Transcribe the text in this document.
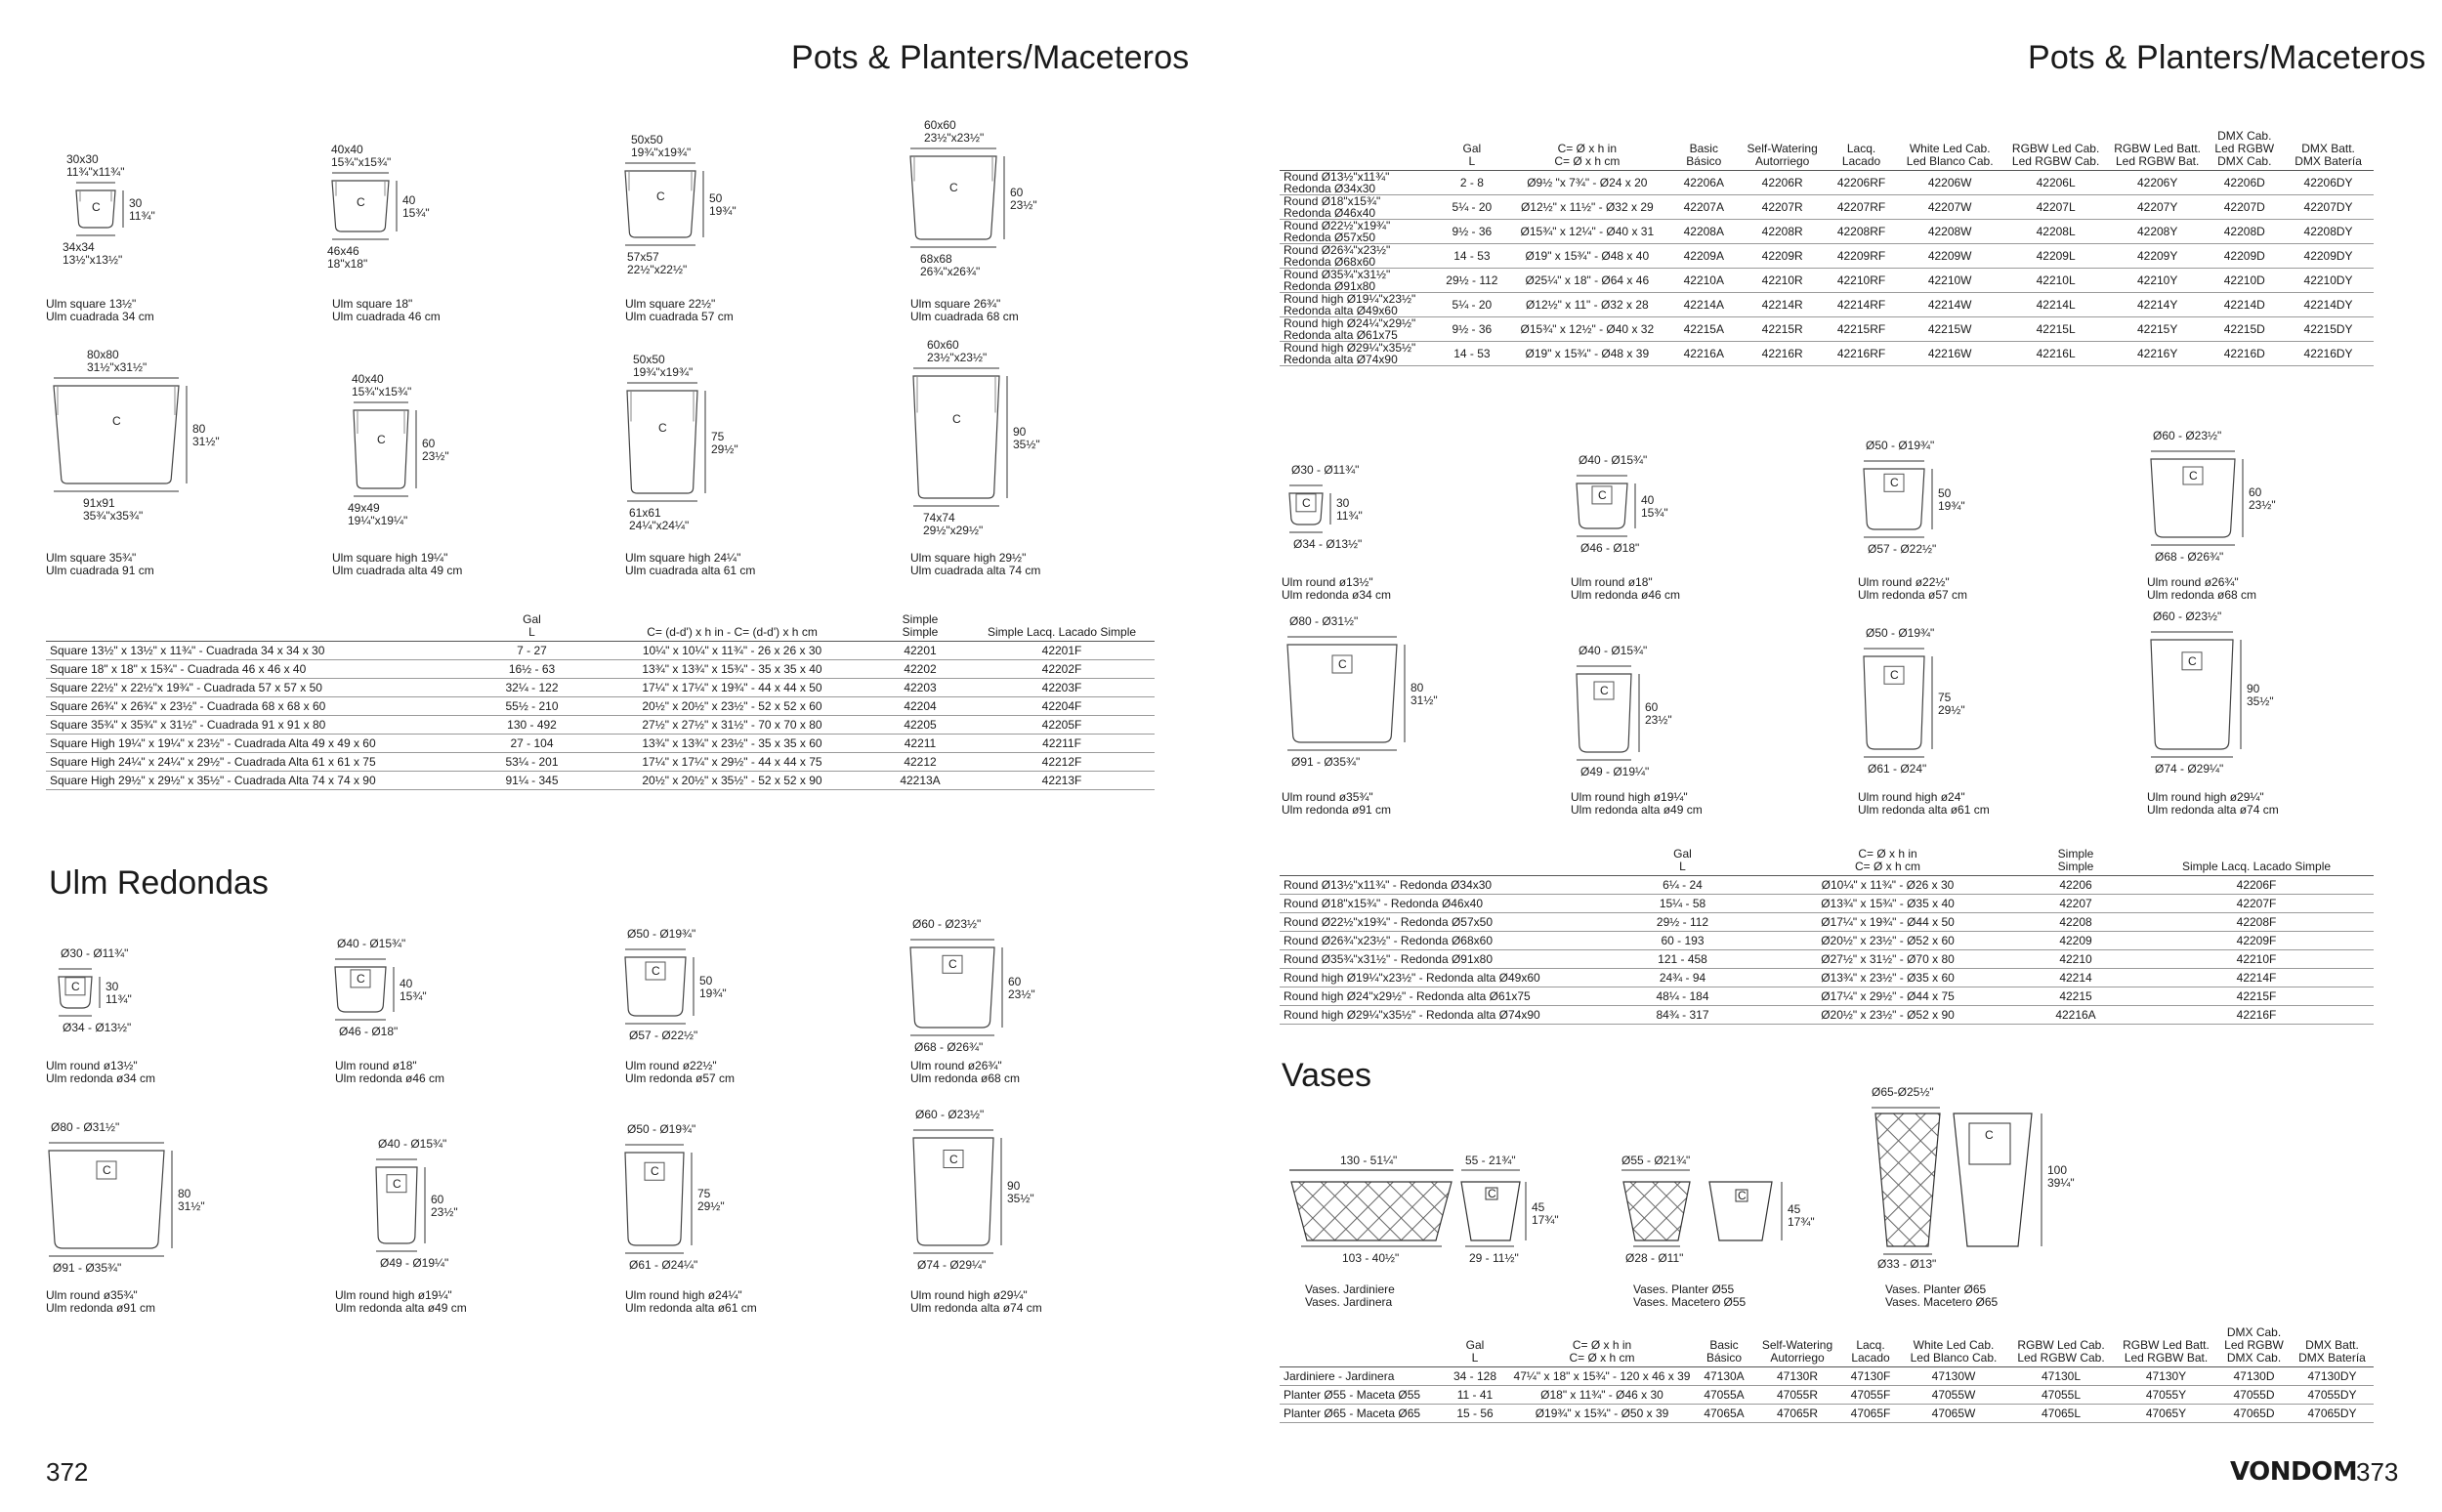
Pots & Planters/Maceteros
C
30x30
11¾"x11¾"
30
11¾"
34x34
13½"x13½"
Ulm square 13½"
Ulm cuadrada 34 cm
C
40x40
15¾"x15¾"
40
15¾"
46x46
18"x18"
Ulm square 18"
Ulm cuadrada 46 cm
C
50x50
19¾"x19¾"
50
19¾"
57x57
22½"x22½"
Ulm square 22½"
Ulm cuadrada 57 cm
C
60x60
23½"x23½"
60
23½"
68x68
26¾"x26¾"
Ulm square 26¾"
Ulm cuadrada 68 cm
C
80x80
31½"x31½"
80
31½"
91x91
35¾"x35¾"
Ulm square 35¾"
Ulm cuadrada 91 cm
C
40x40
15¾"x15¾"
60
23½"
49x49
19¼"x19¼"
Ulm square high 19¼"
Ulm cuadrada alta 49 cm
C
50x50
19¾"x19¾"
75
29½"
61x61
24¼"x24¼"
Ulm square high 24¼"
Ulm cuadrada alta 61 cm
C
60x60
23½"x23½"
90
35½"
74x74
29½"x29½"
Ulm square high 29½"
Ulm cuadrada alta 74 cm

	Gal
L	C= (d-d') x h in - C= (d-d') x h cm	Simple
Simple	Simple Lacq. Lacado Simple

Square 13½" x 13½" x 11¾" - Cuadrada 34 x 34 x 30	7 - 27	10¼" x 10¼" x 11¾" - 26 x 26 x 30	42201	42201F

Square 18" x 18" x 15¾" - Cuadrada 46 x 46 x 40	16½ - 63	13¾" x 13¾" x 15¾" - 35 x 35 x 40	42202	42202F

Square 22½" x 22½"x 19¾" - Cuadrada 57 x 57 x 50	32¼ - 122	17¼" x 17¼" x 19¾" - 44 x 44 x 50	42203	42203F

Square 26¾" x 26¾" x 23½" - Cuadrada 68 x 68 x 60	55½ - 210	20½" x 20½" x 23½" - 52 x 52 x 60	42204	42204F

Square 35¾" x 35¾" x 31½" - Cuadrada 91 x 91 x 80	130 - 492	27½" x 27½" x 31½" - 70 x 70 x 80	42205	42205F

Square High 19¼" x 19¼" x 23½" - Cuadrada Alta 49 x 49 x 60	27 - 104	13¾" x 13¾" x 23½" - 35 x 35 x 60	42211	42211F

Square High 24¼" x 24¼" x 29½" - Cuadrada Alta 61 x 61 x 75	53¼ - 201	17¼" x 17¼" x 29½" - 44 x 44 x 75	42212	42212F

Square High 29½" x 29½" x 35½" - Cuadrada Alta 74 x 74 x 90	91¼ - 345	20½" x 20½" x 35½" - 52 x 52 x 90	42213A	42213F
Ulm Redondas
C
Ø30 - Ø11¾"
30
11¾"
Ø34 - Ø13½"
Ulm round ø13½"
Ulm redonda ø34 cm
C
Ø40 - Ø15¾"
40
15¾"
Ø46 - Ø18"
Ulm round ø18"
Ulm redonda ø46 cm
C
Ø50 - Ø19¾"
50
19¾"
Ø57 - Ø22½"
Ulm round ø22½"
Ulm redonda ø57 cm
C
Ø60 - Ø23½"
60
23½"
Ø68 - Ø26¾"
Ulm round ø26¾"
Ulm redonda ø68 cm
C
Ø80 - Ø31½"
80
31½"
Ø91 - Ø35¾"
Ulm round ø35¾"
Ulm redonda ø91 cm
C
Ø40 - Ø15¾"
60
23½"
Ø49 - Ø19¼"
Ulm round high ø19¼"
Ulm redonda alta ø49 cm
C
Ø50 - Ø19¾"
75
29½"
Ø61 - Ø24¼"
Ulm round high ø24¼"
Ulm redonda alta ø61 cm
C
Ø60 - Ø23½"
90
35½"
Ø74 - Ø29¼"
Ulm round high ø29¼"
Ulm redonda alta ø74 cm
372
Pots & Planters/Maceteros

	Gal
L	C= Ø x h in
C= Ø x h cm	Basic
Básico	Self-Watering
Autorriego	Lacq.
Lacado	White Led Cab.
Led Blanco Cab.	RGBW Led Cab.
Led RGBW Cab.	RGBW Led Batt.
Led RGBW Bat.	DMX Cab.
Led RGBW
DMX Cab.	DMX Batt.
DMX Batería

Round Ø13½"x11¾"
Redonda Ø34x30	2 - 8	Ø9½ "x 7¾" - Ø24 x 20	42206A	42206R	42206RF	42206W	42206L	42206Y	42206D	42206DY

Round Ø18"x15¾"
Redonda Ø46x40	5¼ - 20	Ø12½" x 11½" - Ø32 x 29	42207A	42207R	42207RF	42207W	42207L	42207Y	42207D	42207DY

Round Ø22½"x19¾"
Redonda Ø57x50	9½ - 36	Ø15¾" x 12¼" - Ø40 x 31	42208A	42208R	42208RF	42208W	42208L	42208Y	42208D	42208DY

Round Ø26¾"x23½"
Redonda Ø68x60	14 - 53	Ø19" x 15¾" - Ø48 x 40	42209A	42209R	42209RF	42209W	42209L	42209Y	42209D	42209DY

Round Ø35¾"x31½"
Redonda Ø91x80	29½ - 112	Ø25¼" x 18" - Ø64 x 46	42210A	42210R	42210RF	42210W	42210L	42210Y	42210D	42210DY

Round high Ø19¼"x23½"
Redonda alta Ø49x60	5¼ - 20	Ø12½" x 11" - Ø32 x 28	42214A	42214R	42214RF	42214W	42214L	42214Y	42214D	42214DY

Round high Ø24¼"x29½"
Redonda alta Ø61x75	9½ - 36	Ø15¾" x 12½" - Ø40 x 32	42215A	42215R	42215RF	42215W	42215L	42215Y	42215D	42215DY

Round high Ø29¼"x35½"
Redonda alta Ø74x90	14 - 53	Ø19" x 15¾" - Ø48 x 39	42216A	42216R	42216RF	42216W	42216L	42216Y	42216D	42216DY
C
Ø30 - Ø11¾"
30
11¾"
Ø34 - Ø13½"
Ulm round ø13½"
Ulm redonda ø34 cm
C
Ø40 - Ø15¾"
40
15¾"
Ø46 - Ø18"
Ulm round ø18"
Ulm redonda ø46 cm
C
Ø50 - Ø19¾"
50
19¾"
Ø57 - Ø22½"
Ulm round ø22½"
Ulm redonda ø57 cm
C
Ø60 - Ø23½"
60
23½"
Ø68 - Ø26¾"
Ulm round ø26¾"
Ulm redonda ø68 cm
C
Ø80 - Ø31½"
80
31½"
Ø91 - Ø35¾"
Ulm round ø35¾"
Ulm redonda ø91 cm
C
Ø40 - Ø15¾"
60
23½"
Ø49 - Ø19¼"
Ulm round high ø19¼"
Ulm redonda alta ø49 cm
C
Ø50 - Ø19¾"
75
29½"
Ø61 - Ø24"
Ulm round high ø24"
Ulm redonda alta ø61 cm
C
Ø60 - Ø23½"
90
35½"
Ø74 - Ø29¼"
Ulm round high ø29¼"
Ulm redonda alta ø74 cm

	Gal
L	C= Ø x h in
C= Ø x h cm	Simple
Simple	Simple Lacq. Lacado Simple

Round Ø13½"x11¾" - Redonda Ø34x30	6¼ - 24	Ø10¼" x 11¾" - Ø26 x 30	42206	42206F

Round Ø18"x15¾" - Redonda Ø46x40	15¼ - 58	Ø13¾" x 15¾" - Ø35 x 40	42207	42207F

Round Ø22½"x19¾" - Redonda Ø57x50	29½ - 112	Ø17¼" x 19¾" - Ø44 x 50	42208	42208F

Round Ø26¾"x23½" - Redonda Ø68x60	60 - 193	Ø20½" x 23½" - Ø52 x 60	42209	42209F

Round Ø35¾"x31½" - Redonda Ø91x80	121 - 458	Ø27½" x 31½" - Ø70 x 80	42210	42210F

Round high Ø19¼"x23½" - Redonda alta Ø49x60	24¾ - 94	Ø13¾" x 23½" - Ø35 x 60	42214	42214F

Round high Ø24"x29½" - Redonda alta Ø61x75	48¼ - 184	Ø17¼" x 29½" - Ø44 x 75	42215	42215F

Round high Ø29¼"x35½" - Redonda alta Ø74x90	84¾ - 317	Ø20½" x 23½" - Ø52 x 90	42216A	42216F
Vases
130 - 51¼"	55 - 21¾"
C
45
17¾"
103 - 40½"	29 - 11½"
Vases. Jardiniere
Vases. Jardinera
Ø55 - Ø21¾"
C
45
17¾"
Ø28 - Ø11"
Vases. Planter Ø55
Vases. Macetero Ø55
Ø65-Ø25½"
C
100
39¼"
Ø33 - Ø13"
Vases. Planter Ø65
Vases. Macetero Ø65

	Gal
L	C= Ø x h in
C= Ø x h cm	Basic
Básico	Self-Watering
Autorriego	Lacq.
Lacado	White Led Cab.
Led Blanco Cab.	RGBW Led Cab.
Led RGBW Cab.	RGBW Led Batt.
Led RGBW Bat.	DMX Cab.
Led RGBW
DMX Cab.	DMX Batt.
DMX Batería

Jardiniere - Jardinera	34 - 128	47¼" x 18" x 15¾" - 120 x 46 x 39	47130A	47130R	47130F	47130W	47130L	47130Y	47130D	47130DY

Planter Ø55 - Maceta Ø55	11 - 41	Ø18" x 11¾" - Ø46 x 30	47055A	47055R	47055F	47055W	47055L	47055Y	47055D	47055DY

Planter Ø65 - Maceta Ø65	15 - 56	Ø19¾" x 15¾" - Ø50 x 39	47065A	47065R	47065F	47065W	47065L	47065Y	47065D	47065DY
VONDOM
373
